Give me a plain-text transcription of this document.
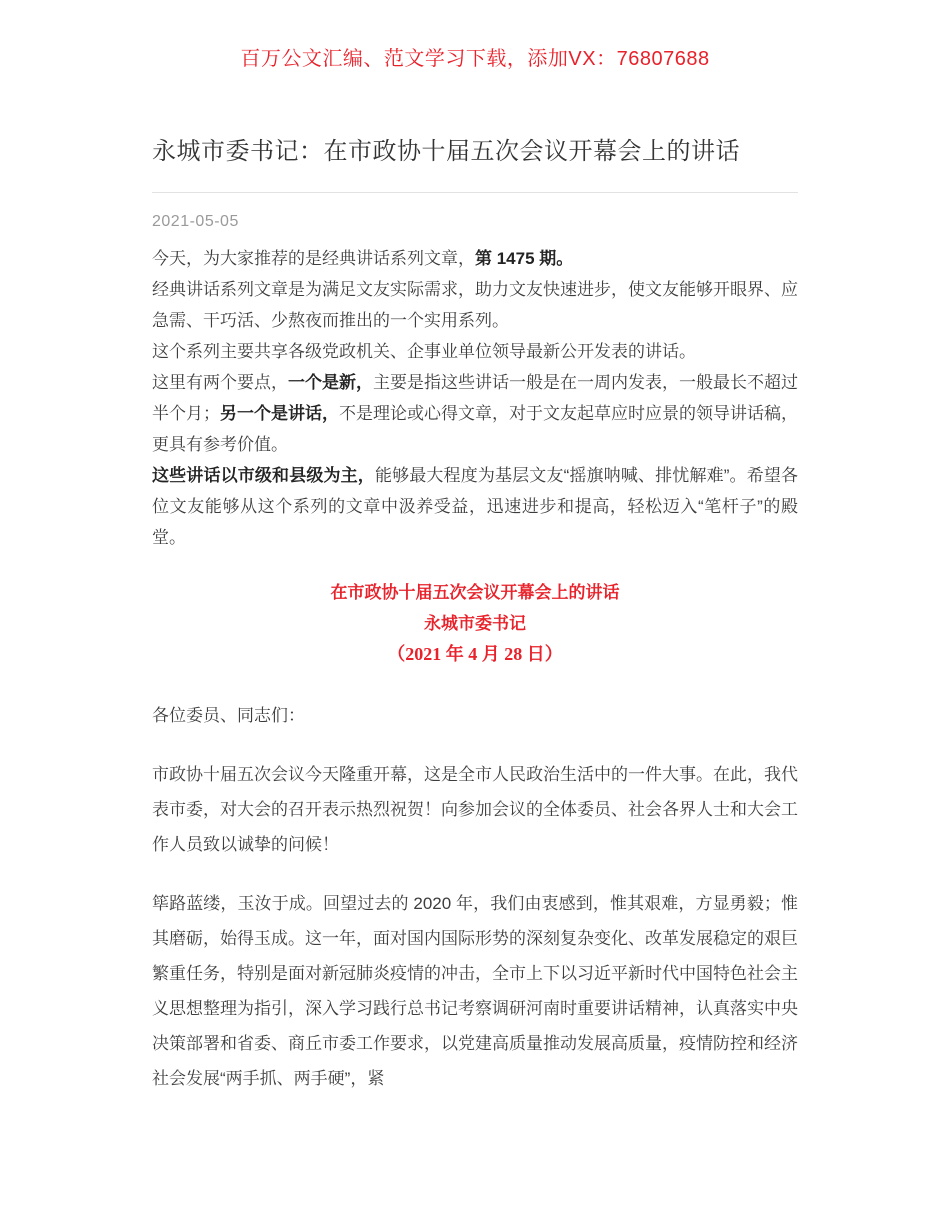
百万公文汇编、范文学习下载，添加VX：76807688
永城市委书记：在市政协十届五次会议开幕会上的讲话
2021-05-05

今天，为大家推荐的是经典讲话系列文章，第 1475 期。

经典讲话系列文章是为满足文友实际需求，助力文友快速进步，使文友能够开眼界、应急需、干巧活、少熬夜而推出的一个实用系列。

这个系列主要共享各级党政机关、企事业单位领导最新公开发表的讲话。

这里有两个要点，一个是新，主要是指这些讲话一般是在一周内发表，一般最长不超过半个月；另一个是讲话，不是理论或心得文章，对于文友起草应时应景的领导讲话稿，更具有参考价值。

这些讲话以市级和县级为主，能够最大程度为基层文友“摇旗呐喊、排忧解难”。希望各位文友能够从这个系列的文章中汲养受益，迅速进步和提高，轻松迈入“笔杆子”的殿堂。

在市政协十届五次会议开幕会上的讲话
永城市委书记
（2021 年 4 月 28 日）

各位委员、同志们：

市政协十届五次会议今天隆重开幕，这是全市人民政治生活中的一件大事。在此，我代表市委，对大会的召开表示热烈祝贺！向参加会议的全体委员、社会各界人士和大会工作人员致以诚挚的问候！

筚路蓝缕，玉汝于成。回望过去的 2020 年，我们由衷感到，惟其艰难，方显勇毅；惟其磨砺，始得玉成。这一年，面对国内国际形势的深刻复杂变化、改革发展稳定的艰巨繁重任务，特别是面对新冠肺炎疫情的冲击，全市上下以习近平新时代中国特色社会主义思想整理为指引，深入学习践行总书记考察调研河南时重要讲话精神，认真落实中央决策部署和省委、商丘市委工作要求，以党建高质量推动发展高质量，疫情防控和经济社会发展“两手抓、两手硬”，紧
